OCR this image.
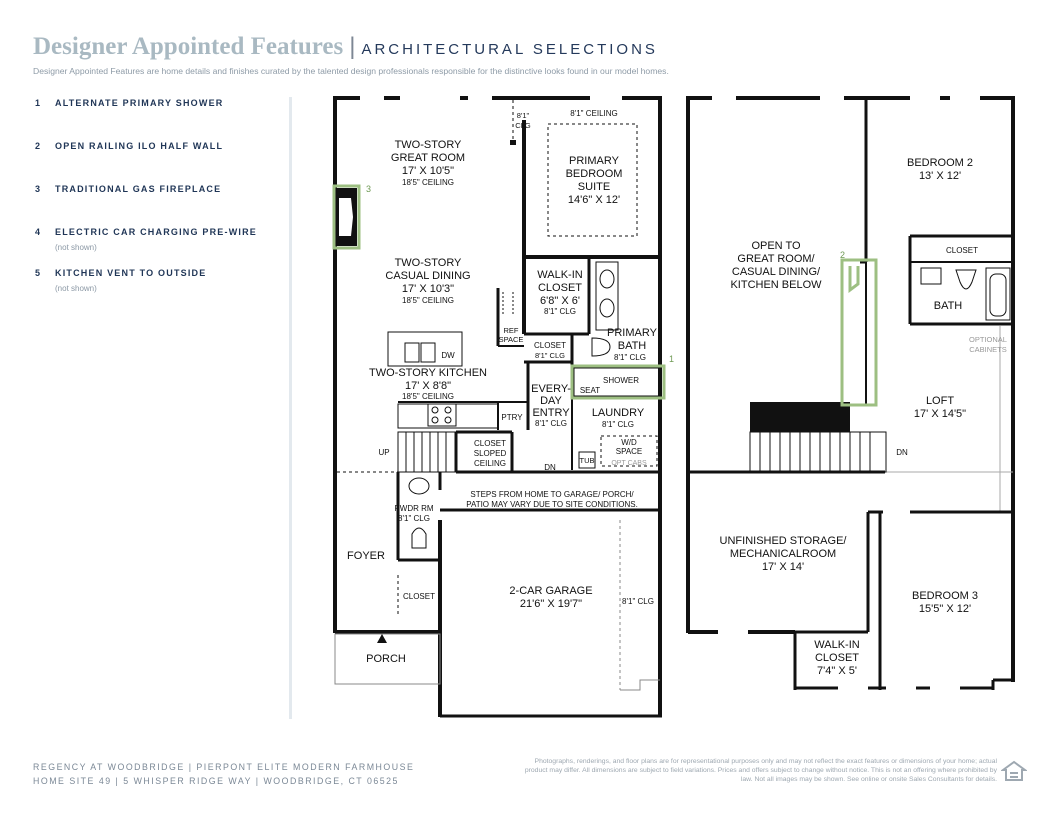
Designer Appointed Features | ARCHITECTURAL SELECTIONS
Designer Appointed Features are home details and finishes curated by the talented design professionals responsible for the distinctive looks found in our model homes.
1 ALTERNATE PRIMARY SHOWER
2 OPEN RAILING ILO HALF WALL
3 TRADITIONAL GAS FIREPLACE
4 ELECTRIC CAR CHARGING PRE-WIRE
(not shown)
5 KITCHEN VENT TO OUTSIDE
(not shown)
TWO-STORY
GREAT ROOM
17' X 10'5"
18'5" CEILING
TWO-STORY
CASUAL DINING
17' X 10'3"
18'5" CEILING
TWO-STORY KITCHEN
17' X 8'8"
18'5" CEILING
8'1"
CLG
8'1" CEILING
PRIMARY
BEDROOM
SUITE
14'6" X 12'
WALK-IN
CLOSET
6'8" X 6'
8'1" CLG
REF
SPACE
CLOSET
8'1" CLG
PRIMARY
BATH
8'1" CLG
SHOWER
SEAT
DW
PTRY
EVERY-
DAY
ENTRY
8'1" CLG
LAUNDRY
8'1" CLG
W/D
SPACE
OPT CABS
TUB
UP
DN
CLOSET
SLOPED
CEILING
STEPS FROM HOME TO GARAGE/ PORCH/
PATIO MAY VARY DUE TO SITE CONDITIONS.
PWDR RM
8'1" CLG
FOYER
CLOSET	2-CAR GARAGE
21'6" X 19'7"	8'1" CLG
PORCH
OPEN TO
GREAT ROOM/
CASUAL DINING/
KITCHEN BELOW
BEDROOM 2
13' X 12'
CLOSET
BATH
OPTIONAL
CABINETS
LOFT
17' X 14'5"
DN
UNFINISHED STORAGE/
MECHANICALROOM
17' X 14'
BEDROOM 3
15'5" X 12'
WALK-IN
CLOSET
7'4" X 5'
3
1
2
REGENCY AT WOODBRIDGE | PIERPONT ELITE MODERN FARMHOUSE
HOME SITE 49 | 5 WHISPER RIDGE WAY | WOODBRIDGE, CT 06525
Photographs, renderings, and floor plans are for representational purposes only and may not reflect the exact features or dimensions of your home; actual product may differ. All dimensions are subject to field variations. Prices and offers subject to change without notice. This is not an offering where prohibited by law. Not all images may be shown. See online or onsite Sales Consultants for details.
